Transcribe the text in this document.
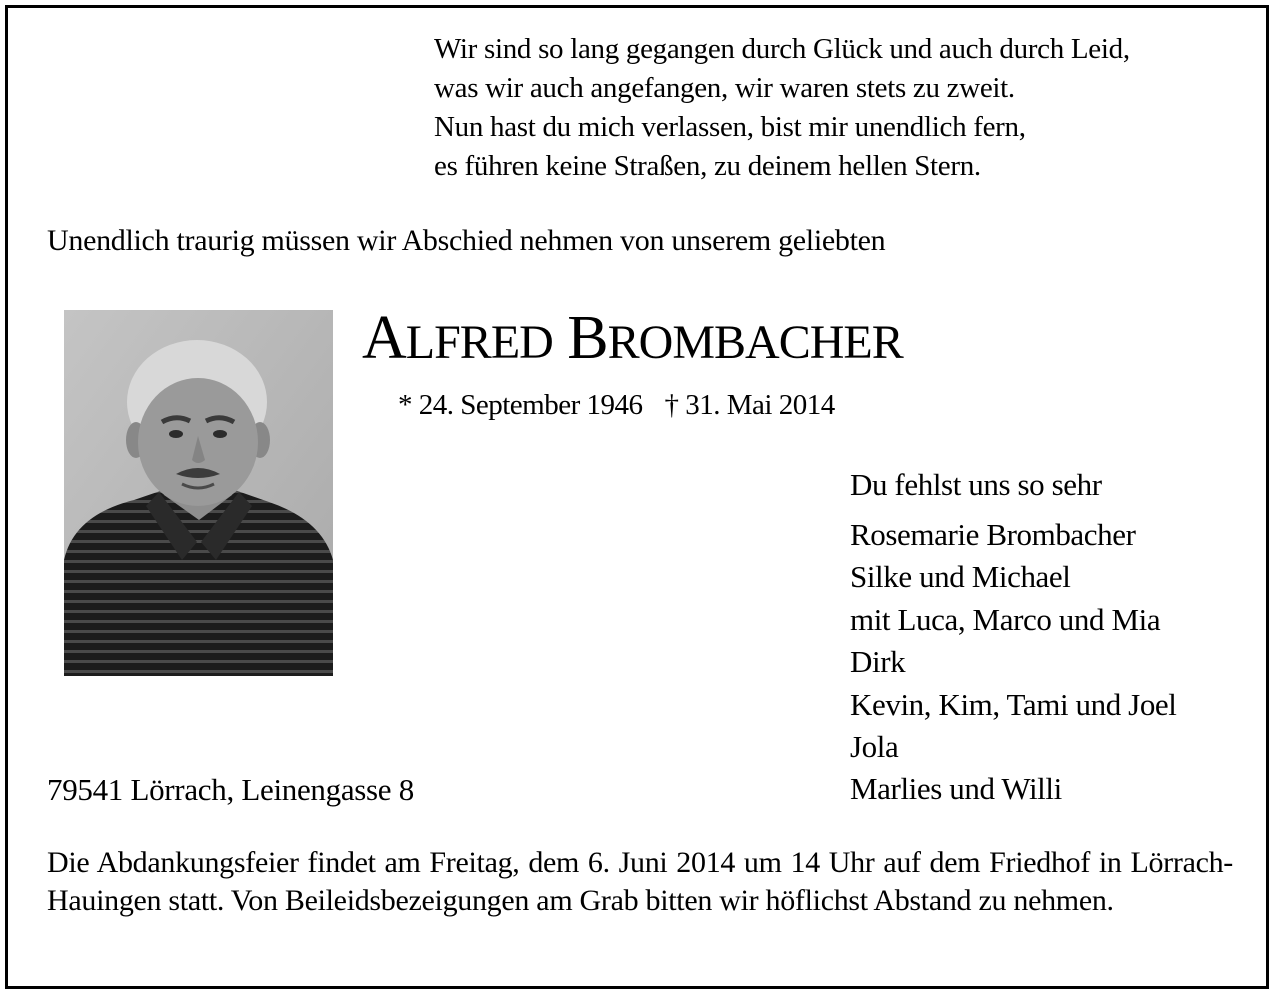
Wir sind so lang gegangen durch Glück und auch durch Leid,
was wir auch angefangen, wir waren stets zu zweit.
Nun hast du mich verlassen, bist mir unendlich fern,
es führen keine Straßen, zu deinem hellen Stern.
Unendlich traurig müssen wir Abschied nehmen von unserem geliebten
ALFRED BROMBACHER
* 24. September 1946 † 31. Mai 2014
Du fehlst uns so sehr
Rosemarie Brombacher
Silke und Michael
mit Luca, Marco und Mia
Dirk
Kevin, Kim, Tami und Joel
Jola
Marlies und Willi
79541 Lörrach, Leinengasse 8
Die Abdankungsfeier findet am Freitag, dem 6. Juni 2014 um 14 Uhr auf dem Friedhof in Lörrach-Hauingen statt. Von Beileidsbezeigungen am Grab bitten wir höflichst Abstand zu nehmen.
